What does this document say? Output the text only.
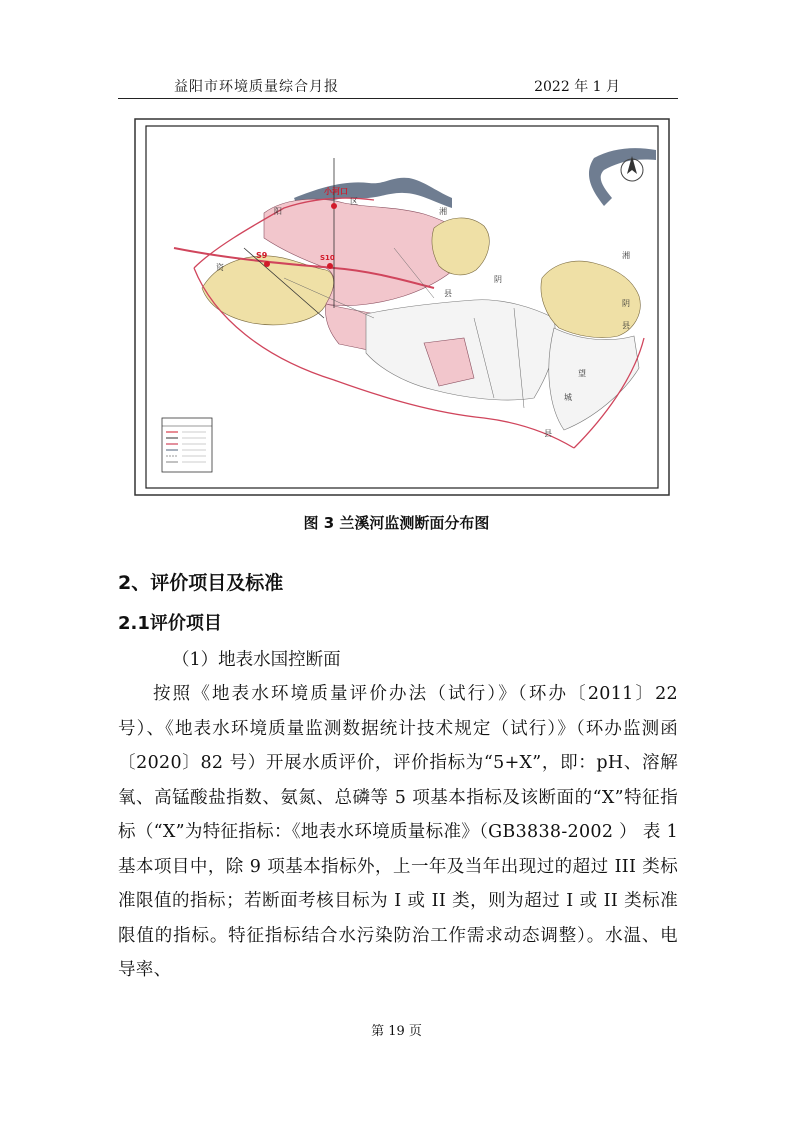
益阳市环境质量综合月报	2022 年 1 月
小河口
S9	S10
区
阳	湘
资
县
阴
湘
阴
县
望
城
县
图 3 兰溪河监测断面分布图
2、评价项目及标准
2.1评价项目
（1）地表水国控断面
按照《地表水环境质量评价办法（试行）》（环办〔2011〕22 号）、《地表水环境质量监测数据统计技术规定（试行）》（环办监测函〔2020〕82 号）开展水质评价，评价指标为“5+X”，即：pH、溶解氧、高锰酸盐指数、氨氮、总磷等 5 项基本指标及该断面的“X”特征指标（“X”为特征指标：《地表水环境质量标准》（GB3838-2002 ） 表 1 基本项目中，除 9 项基本指标外，上一年及当年出现过的超过 III 类标准限值的指标；若断面考核目标为 I 或 II 类，则为超过 I 或 II 类标准限值的指标。特征指标结合水污染防治工作需求动态调整）。水温、电导率、
第 19 页
